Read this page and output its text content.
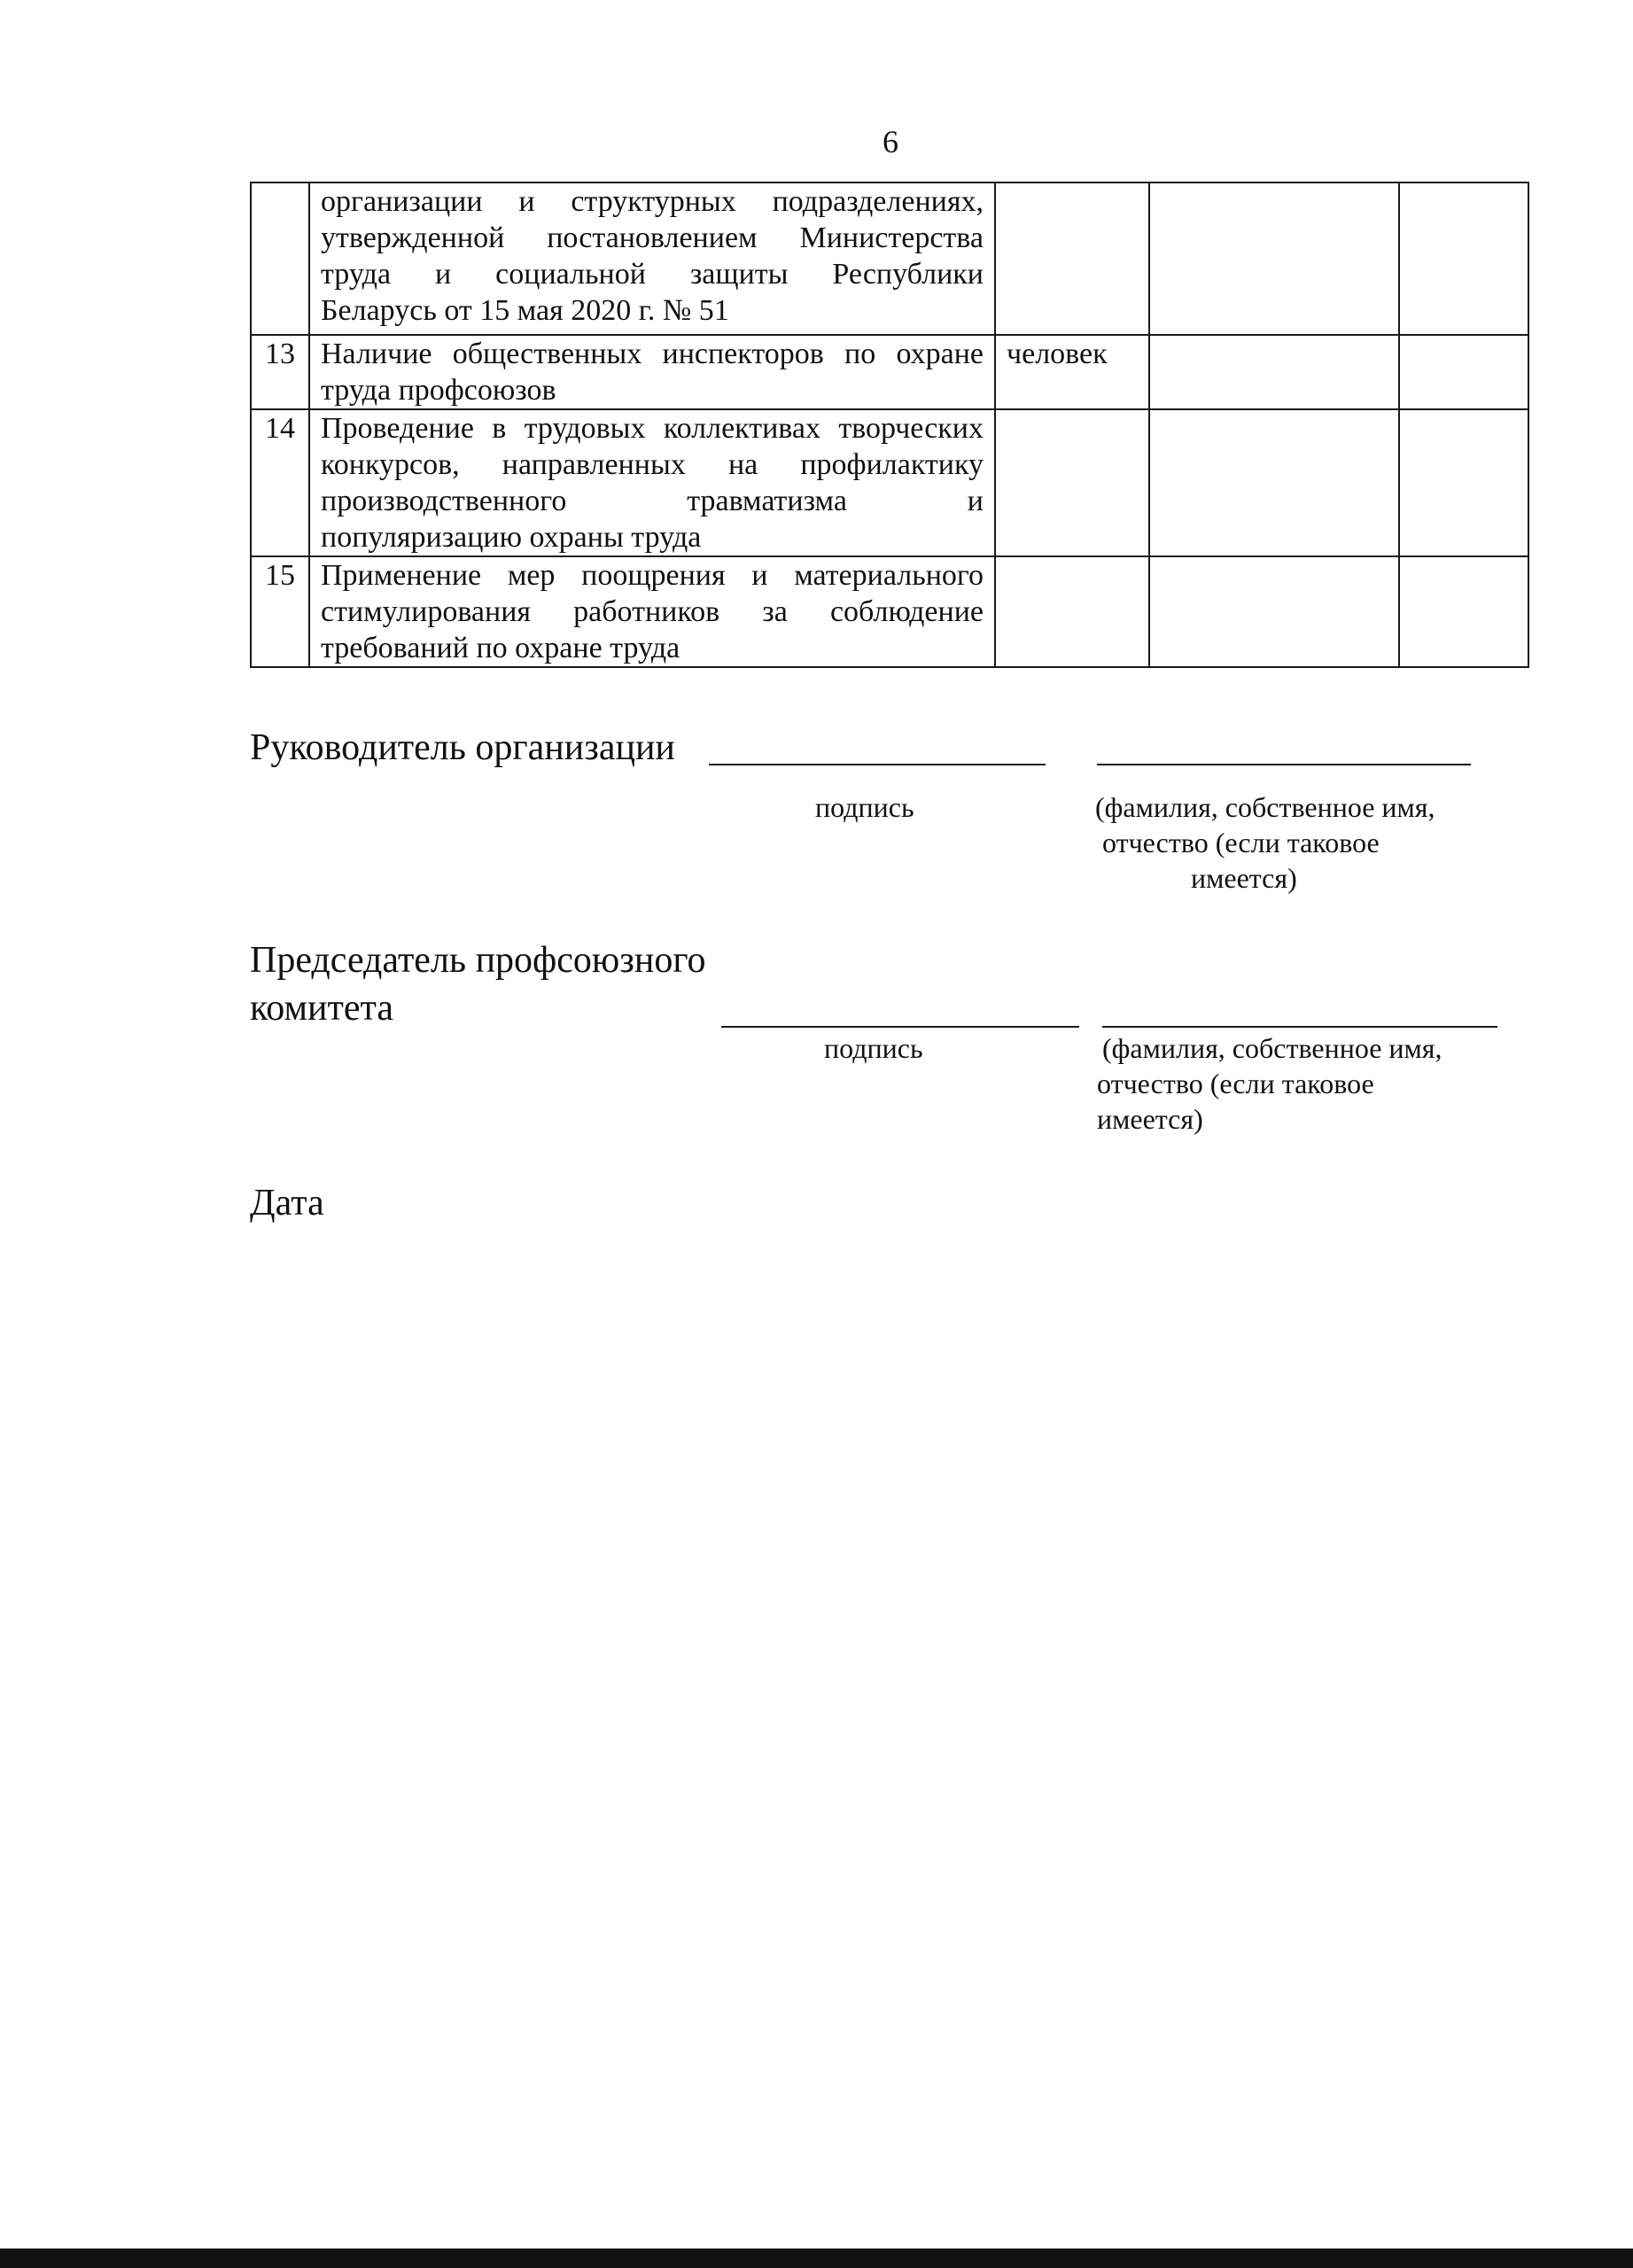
6

	организации и структурных подразделениях,
утвержденной постановлением Министерства
труда и социальной защиты Республики
Беларусь от 15 мая 2020 г. № 51			

13	Наличие общественных инспекторов по охране
труда профсоюзов	человек		
14	Проведение в трудовых коллективах творческих
конкурсов, направленных на профилактику
производственного травматизма и
популяризацию охраны труда			

15	Применение мер поощрения и материального
стимулирования работников за соблюдение
требований по охране труда			

Руководитель организации
подпись	(фамилия, собственное имя,
отчество (если таковое
имеется)
Председатель профсоюзного
комитета
подпись	(фамилия, собственное имя,
отчество (если таковое
имеется)
Дата
